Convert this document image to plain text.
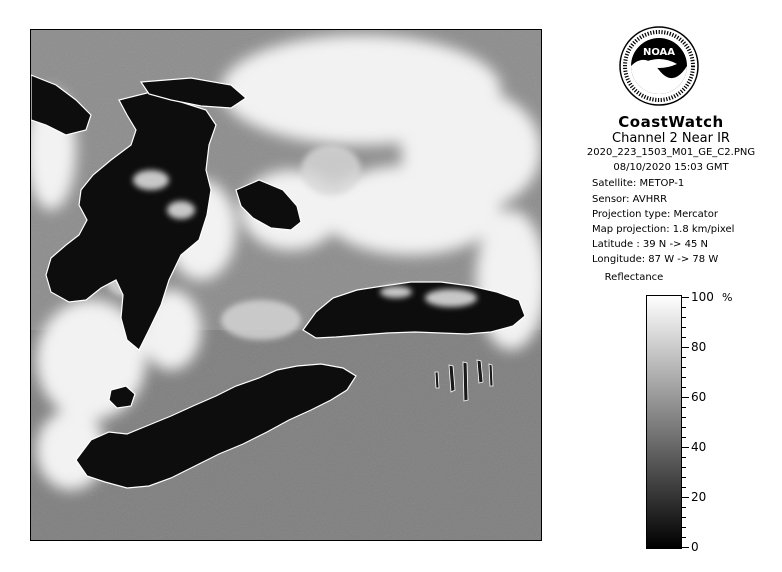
NOAA
CoastWatch
Channel 2 Near IR
2020_223_1503_M01_GE_C2.PNG
08/10/2020 15:03 GMT
Satellite: METOP-1
Sensor: AVHRR
Projection type: Mercator
Map projection: 1.8 km/pixel
Latitude : 39 N -> 45 N
Longitude: 87 W -> 78 W
Reflectance
%
100
80
60
40
20
0
